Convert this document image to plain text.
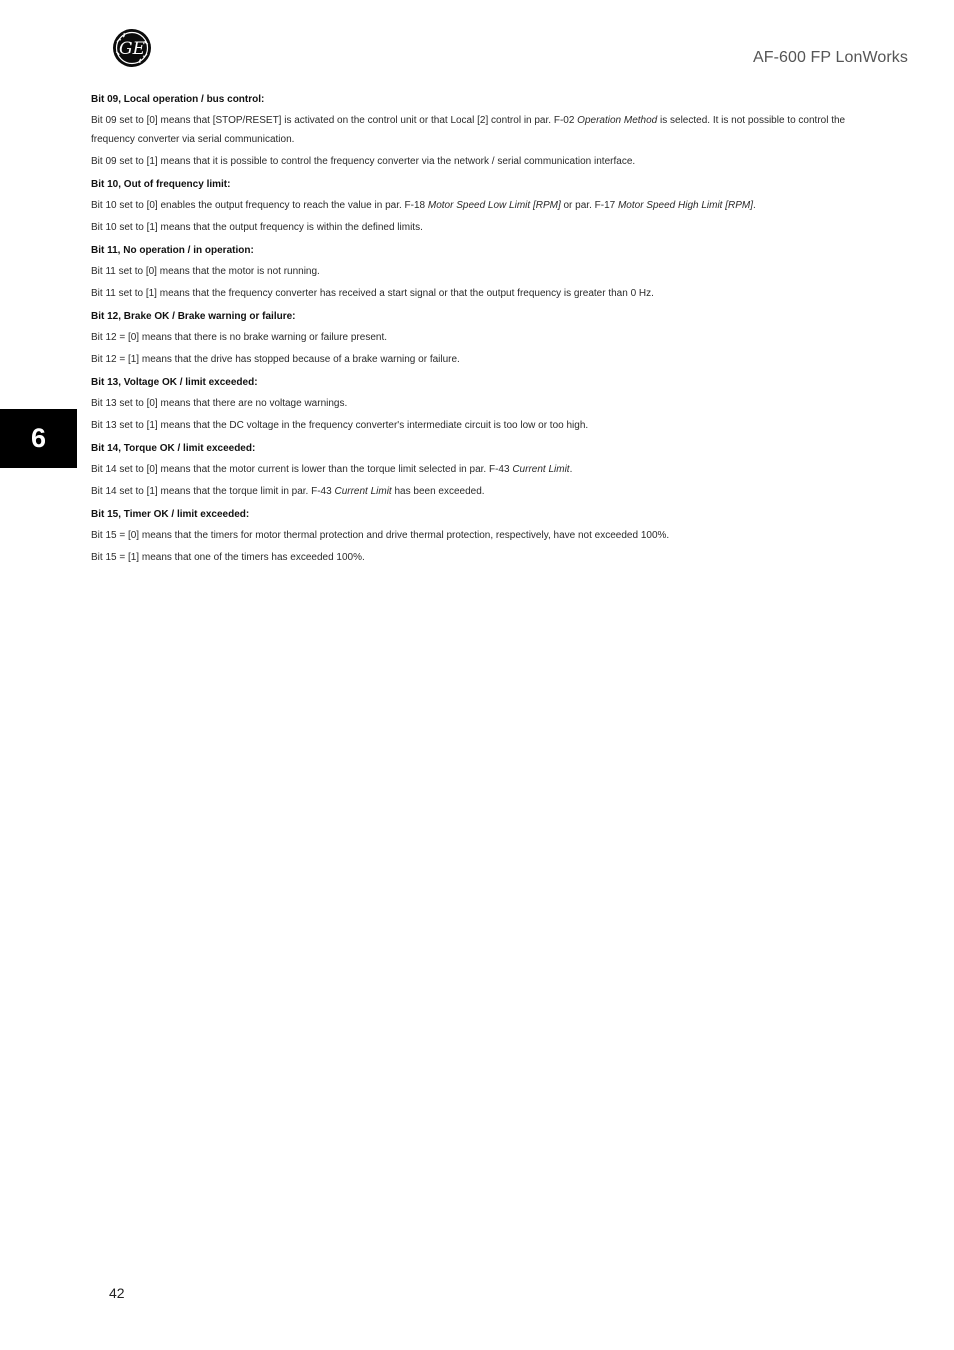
GE	AF-600 FP LonWorks
6
Bit 09, Local operation / bus control:

Bit 09 set to [0] means that [STOP/RESET] is activated on the control unit or that Local [2] control in par. F-02 Operation Method is selected. It is not possible to control the frequency converter via serial communication.

Bit 09 set to [1] means that it is possible to control the frequency converter via the network / serial communication interface.

Bit 10, Out of frequency limit:

Bit 10 set to [0] enables the output frequency to reach the value in par. F-18 Motor Speed Low Limit [RPM] or par. F-17 Motor Speed High Limit [RPM].

Bit 10 set to [1] means that the output frequency is within the defined limits.

Bit 11, No operation / in operation:

Bit 11 set to [0] means that the motor is not running.

Bit 11 set to [1] means that the frequency converter has received a start signal or that the output frequency is greater than 0 Hz.

Bit 12, Brake OK / Brake warning or failure:

Bit 12 = [0] means that there is no brake warning or failure present.

Bit 12 = [1] means that the drive has stopped because of a brake warning or failure.

Bit 13, Voltage OK / limit exceeded:

Bit 13 set to [0] means that there are no voltage warnings.

Bit 13 set to [1] means that the DC voltage in the frequency converter's intermediate circuit is too low or too high.

Bit 14, Torque OK / limit exceeded:

Bit 14 set to [0] means that the motor current is lower than the torque limit selected in par. F-43 Current Limit.

Bit 14 set to [1] means that the torque limit in par. F-43 Current Limit has been exceeded.

Bit 15, Timer OK / limit exceeded:

Bit 15 = [0] means that the timers for motor thermal protection and drive thermal protection, respectively, have not exceeded 100%.

Bit 15 = [1] means that one of the timers has exceeded 100%.

42
